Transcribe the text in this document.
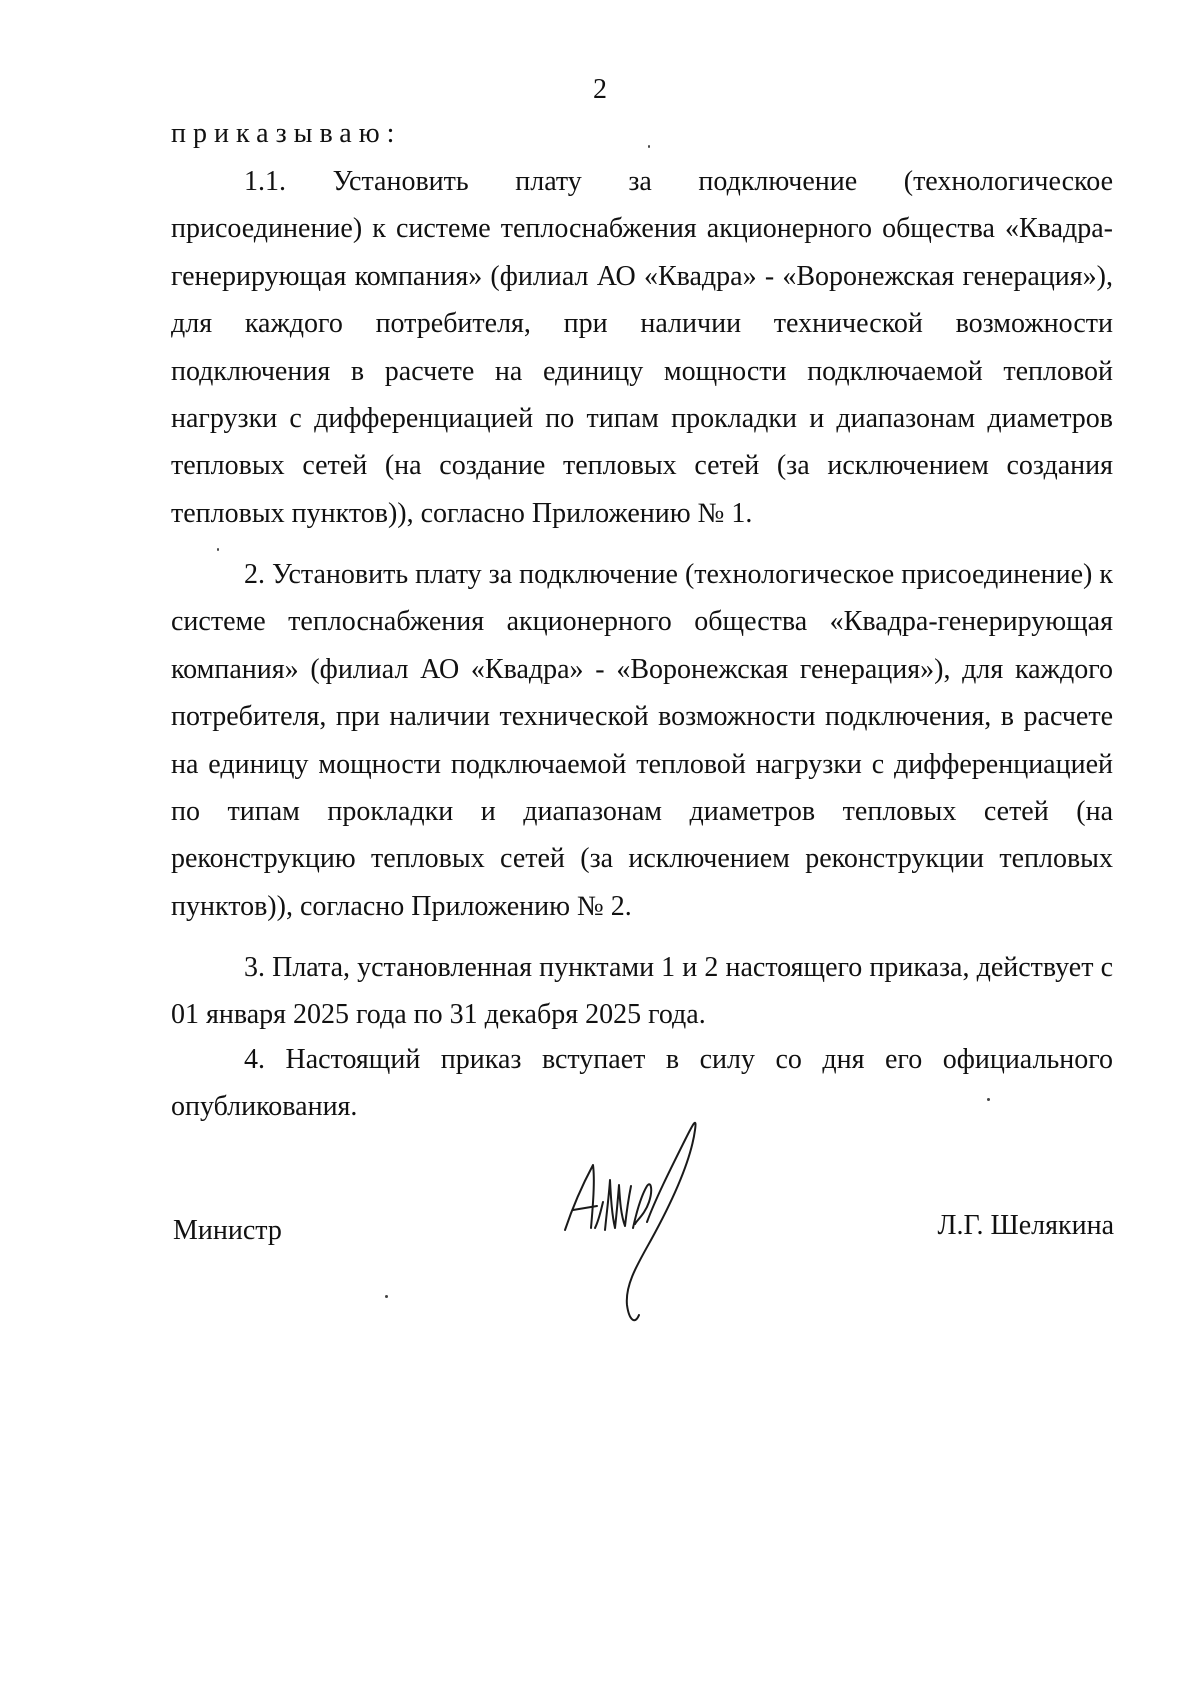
2
приказываю:

1.1. Установить плату за подключение (технологическое присоединение) к системе теплоснабжения акционерного общества «Квадра-генерирующая компания» (филиал АО «Квадра» - «Воронежская генерация»), для каждого потребителя, при наличии технической возможности подключения в расчете на единицу мощности подключаемой тепловой нагрузки с дифференциацией по типам прокладки и диапазонам диаметров тепловых сетей (на создание тепловых сетей (за исключением создания тепловых пунктов)), согласно Приложению № 1.

2. Установить плату за подключение (технологическое присоединение) к системе теплоснабжения акционерного общества «Квадра-генерирующая компания» (филиал АО «Квадра» - «Воронежская генерация»), для каждого потребителя, при наличии технической возможности подключения, в расчете на единицу мощности подключаемой тепловой нагрузки с дифференциацией по типам прокладки и диапазонам диаметров тепловых сетей (на реконструкцию тепловых сетей (за исключением реконструкции тепловых пунктов)), согласно Приложению № 2.

3. Плата, установленная пунктами 1 и 2 настоящего приказа, действует с 01 января 2025 года по 31 декабря 2025 года.

4. Настоящий приказ вступает в силу со дня его официального опубликования.

Министр	Л.Г. Шелякина
